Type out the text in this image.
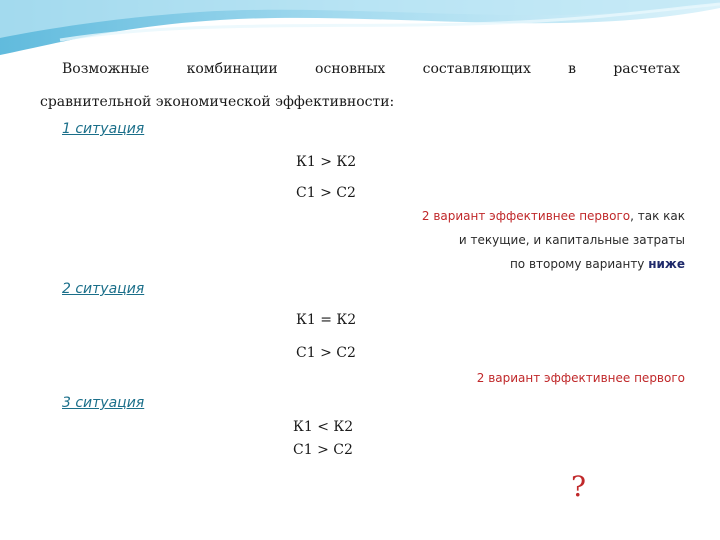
Возможные	комбинации	основных	составляющих	в	расчетах
сравнительной экономической эффективности:
1 ситуация
К1 > К2
С1 > С2
2 вариант эффективнее первого, так как
и текущие, и капитальные затраты
по второму варианту ниже
2 ситуация
К1 = К2
С1 > С2
2 вариант эффективнее первого
3 ситуация
К1 < К2
С1 > С2
?
